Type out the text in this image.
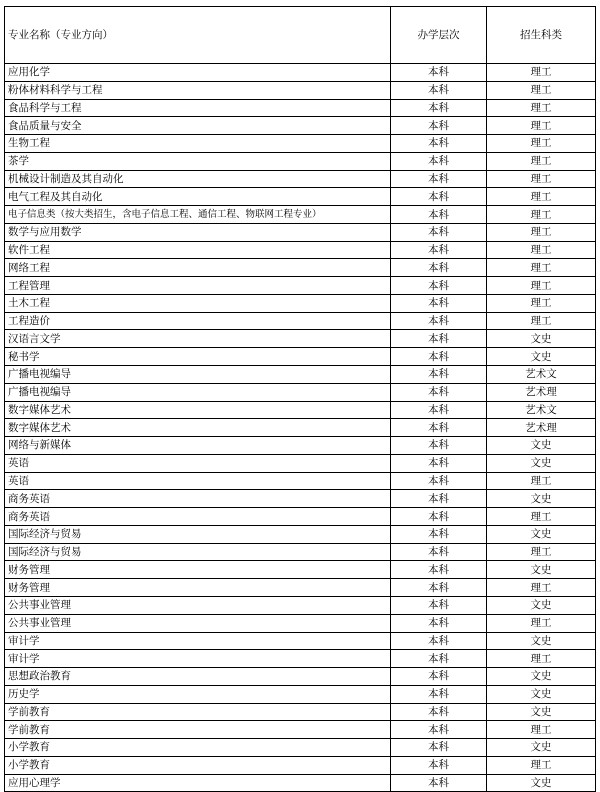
专业名称（专业方向）	办学层次	招生科类
应用化学	本科	理工
粉体材料科学与工程	本科	理工
食品科学与工程	本科	理工
食品质量与安全	本科	理工
生物工程	本科	理工
茶学	本科	理工
机械设计制造及其自动化	本科	理工
电气工程及其自动化	本科	理工
电子信息类（按大类招生，含电子信息工程、通信工程、物联网工程专业）	本科	理工
数学与应用数学	本科	理工
软件工程	本科	理工
网络工程	本科	理工
工程管理	本科	理工
土木工程	本科	理工
工程造价	本科	理工
汉语言文学	本科	文史
秘书学	本科	文史
广播电视编导	本科	艺术文
广播电视编导	本科	艺术理
数字媒体艺术	本科	艺术文
数字媒体艺术	本科	艺术理
网络与新媒体	本科	文史
英语	本科	文史
英语	本科	理工
商务英语	本科	文史
商务英语	本科	理工
国际经济与贸易	本科	文史
国际经济与贸易	本科	理工
财务管理	本科	文史
财务管理	本科	理工
公共事业管理	本科	文史
公共事业管理	本科	理工
审计学	本科	文史
审计学	本科	理工
思想政治教育	本科	文史
历史学	本科	文史
学前教育	本科	文史
学前教育	本科	理工
小学教育	本科	文史
小学教育	本科	理工
应用心理学	本科	文史
